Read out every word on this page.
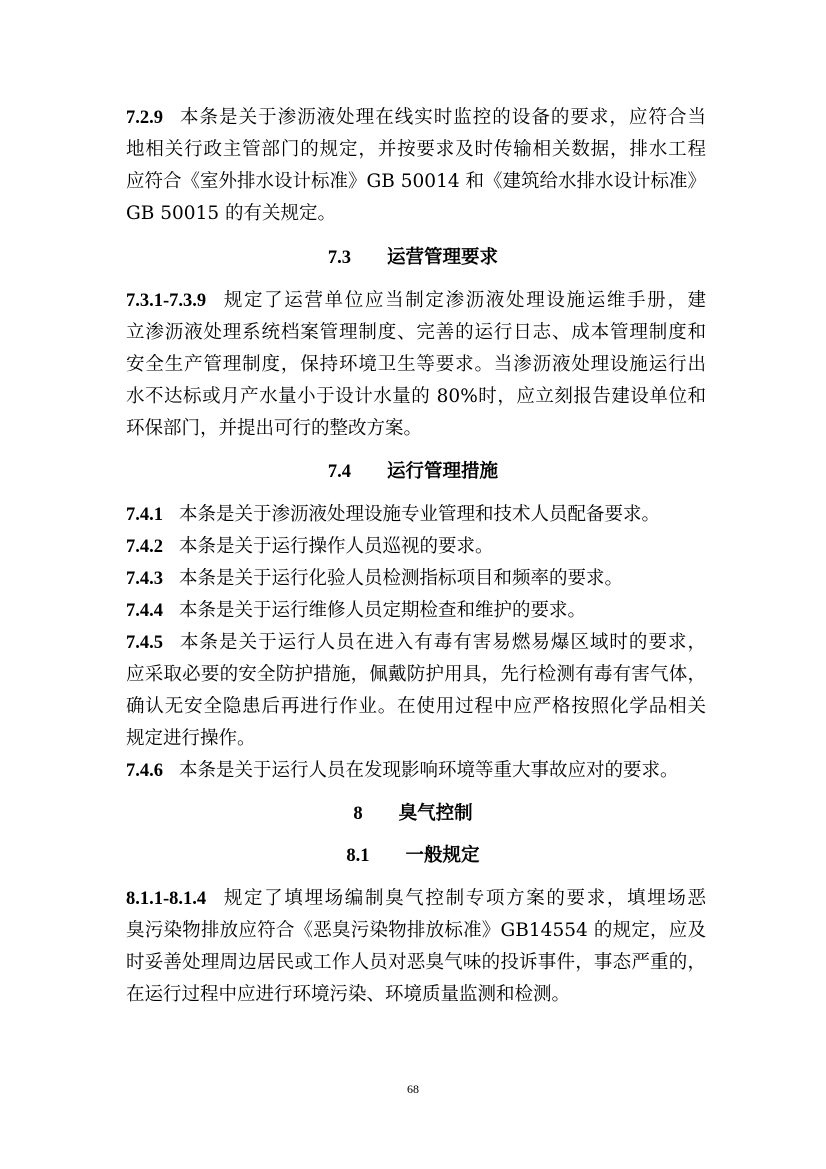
7.2.9 本条是关于渗沥液处理在线实时监控的设备的要求，应符合当
地相关行政主管部门的规定，并按要求及时传输相关数据，排水工程
应符合《室外排水设计标准》GB 50014 和《建筑给水排水设计标准》
GB 50015 的有关规定。
7.3 运营管理要求
7.3.1-7.3.9 规定了运营单位应当制定渗沥液处理设施运维手册，建
立渗沥液处理系统档案管理制度、完善的运行日志、成本管理制度和
安全生产管理制度，保持环境卫生等要求。当渗沥液处理设施运行出
水不达标或月产水量小于设计水量的 80%时，应立刻报告建设单位和
环保部门，并提出可行的整改方案。
7.4 运行管理措施
7.4.1 本条是关于渗沥液处理设施专业管理和技术人员配备要求。
7.4.2 本条是关于运行操作人员巡视的要求。
7.4.3 本条是关于运行化验人员检测指标项目和频率的要求。
7.4.4 本条是关于运行维修人员定期检查和维护的要求。
7.4.5 本条是关于运行人员在进入有毒有害易燃易爆区域时的要求，
应采取必要的安全防护措施，佩戴防护用具，先行检测有毒有害气体，
确认无安全隐患后再进行作业。在使用过程中应严格按照化学品相关
规定进行操作。
7.4.6 本条是关于运行人员在发现影响环境等重大事故应对的要求。
8 臭气控制
8.1 一般规定
8.1.1-8.1.4 规定了填埋场编制臭气控制专项方案的要求，填埋场恶
臭污染物排放应符合《恶臭污染物排放标准》GB14554 的规定，应及
时妥善处理周边居民或工作人员对恶臭气味的投诉事件，事态严重的，
在运行过程中应进行环境污染、环境质量监测和检测。
68
